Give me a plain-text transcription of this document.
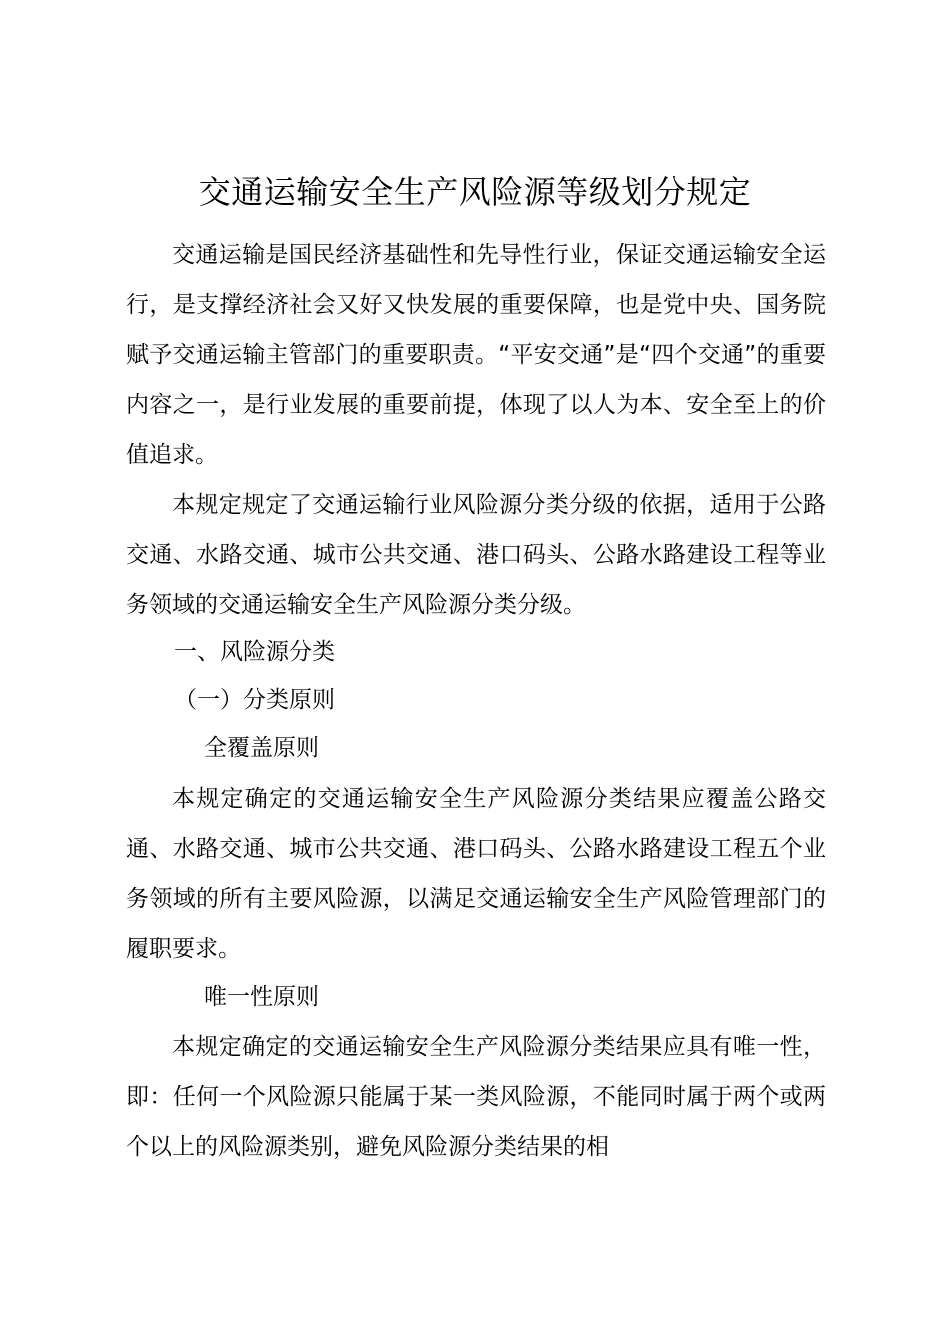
交通运输安全生产风险源等级划分规定

交通运输是国民经济基础性和先导性行业，保证交通运输安全运行，是支撑经济社会又好又快发展的重要保障，也是党中央、国务院赋予交通运输主管部门的重要职责。“平安交通”是“四个交通”的重要内容之一，是行业发展的重要前提，体现了以人为本、安全至上的价值追求。

本规定规定了交通运输行业风险源分类分级的依据，适用于公路交通、水路交通、城市公共交通、港口码头、公路水路建设工程等业务领域的交通运输安全生产风险源分类分级。

一、风险源分类
（一）分类原则
全覆盖原则

本规定确定的交通运输安全生产风险源分类结果应覆盖公路交通、水路交通、城市公共交通、港口码头、公路水路建设工程五个业务领域的所有主要风险源，以满足交通运输安全生产风险管理部门的履职要求。

唯一性原则

本规定确定的交通运输安全生产风险源分类结果应具有唯一性，即：任何一个风险源只能属于某一类风险源，不能同时属于两个或两个以上的风险源类别，避免风险源分类结果的相
